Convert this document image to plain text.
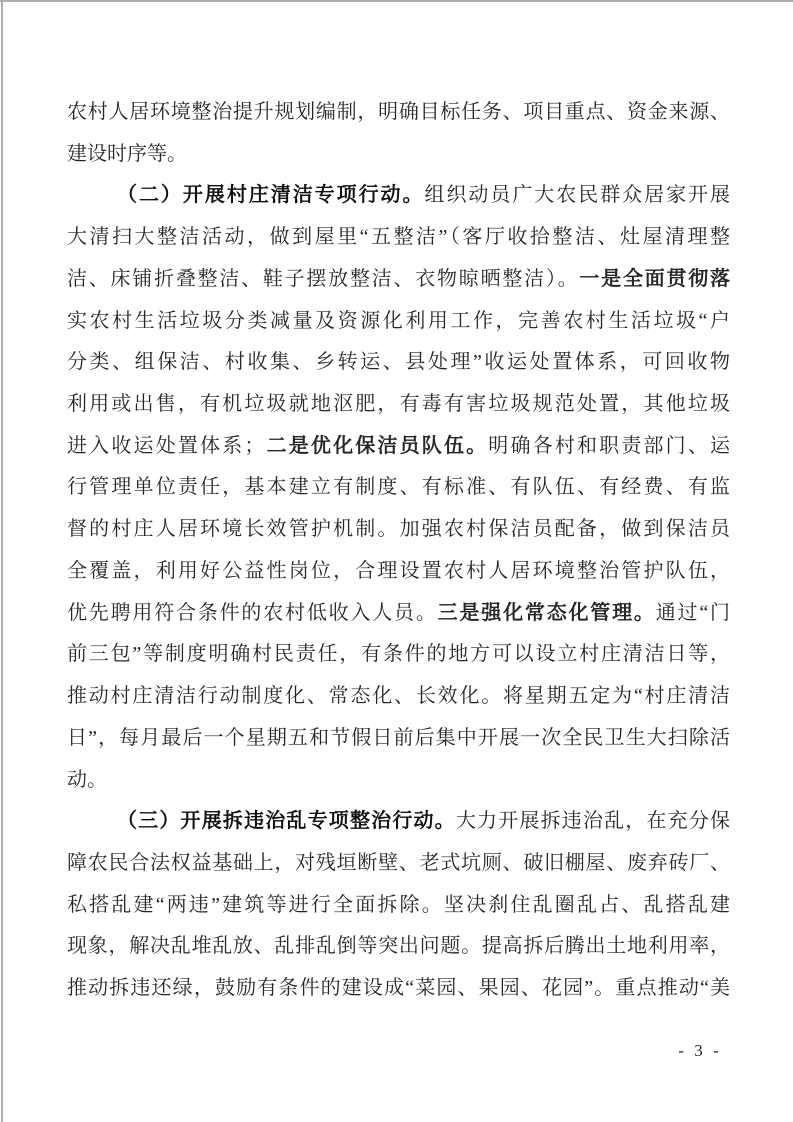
农村人居环境整治提升规划编制，明确目标任务、项目重点、资金来源、
建设时序等。
（二）开展村庄清洁专项行动。组织动员广大农民群众居家开展
大清扫大整洁活动，做到屋里“五整洁”（客厅收拾整洁、灶屋清理整
洁、床铺折叠整洁、鞋子摆放整洁、衣物晾晒整洁）。一是全面贯彻落
实农村生活垃圾分类减量及资源化利用工作，完善农村生活垃圾“户
分类、组保洁、村收集、乡转运、县处理”收运处置体系，可回收物
利用或出售，有机垃圾就地沤肥，有毒有害垃圾规范处置，其他垃圾
进入收运处置体系；二是优化保洁员队伍。明确各村和职责部门、运
行管理单位责任，基本建立有制度、有标准、有队伍、有经费、有监
督的村庄人居环境长效管护机制。加强农村保洁员配备，做到保洁员
全覆盖，利用好公益性岗位，合理设置农村人居环境整治管护队伍，
优先聘用符合条件的农村低收入人员。三是强化常态化管理。通过“门
前三包”等制度明确村民责任，有条件的地方可以设立村庄清洁日等，
推动村庄清洁行动制度化、常态化、长效化。将星期五定为“村庄清洁
日”，每月最后一个星期五和节假日前后集中开展一次全民卫生大扫除活
动。
（三）开展拆违治乱专项整治行动。大力开展拆违治乱，在充分保
障农民合法权益基础上，对残垣断壁、老式坑厕、破旧棚屋、废弃砖厂、
私搭乱建“两违”建筑等进行全面拆除。坚决刹住乱圈乱占、乱搭乱建
现象，解决乱堆乱放、乱排乱倒等突出问题。提高拆后腾出土地利用率，
推动拆违还绿，鼓励有条件的建设成“菜园、果园、花园”。重点推动“美
- 3 -
